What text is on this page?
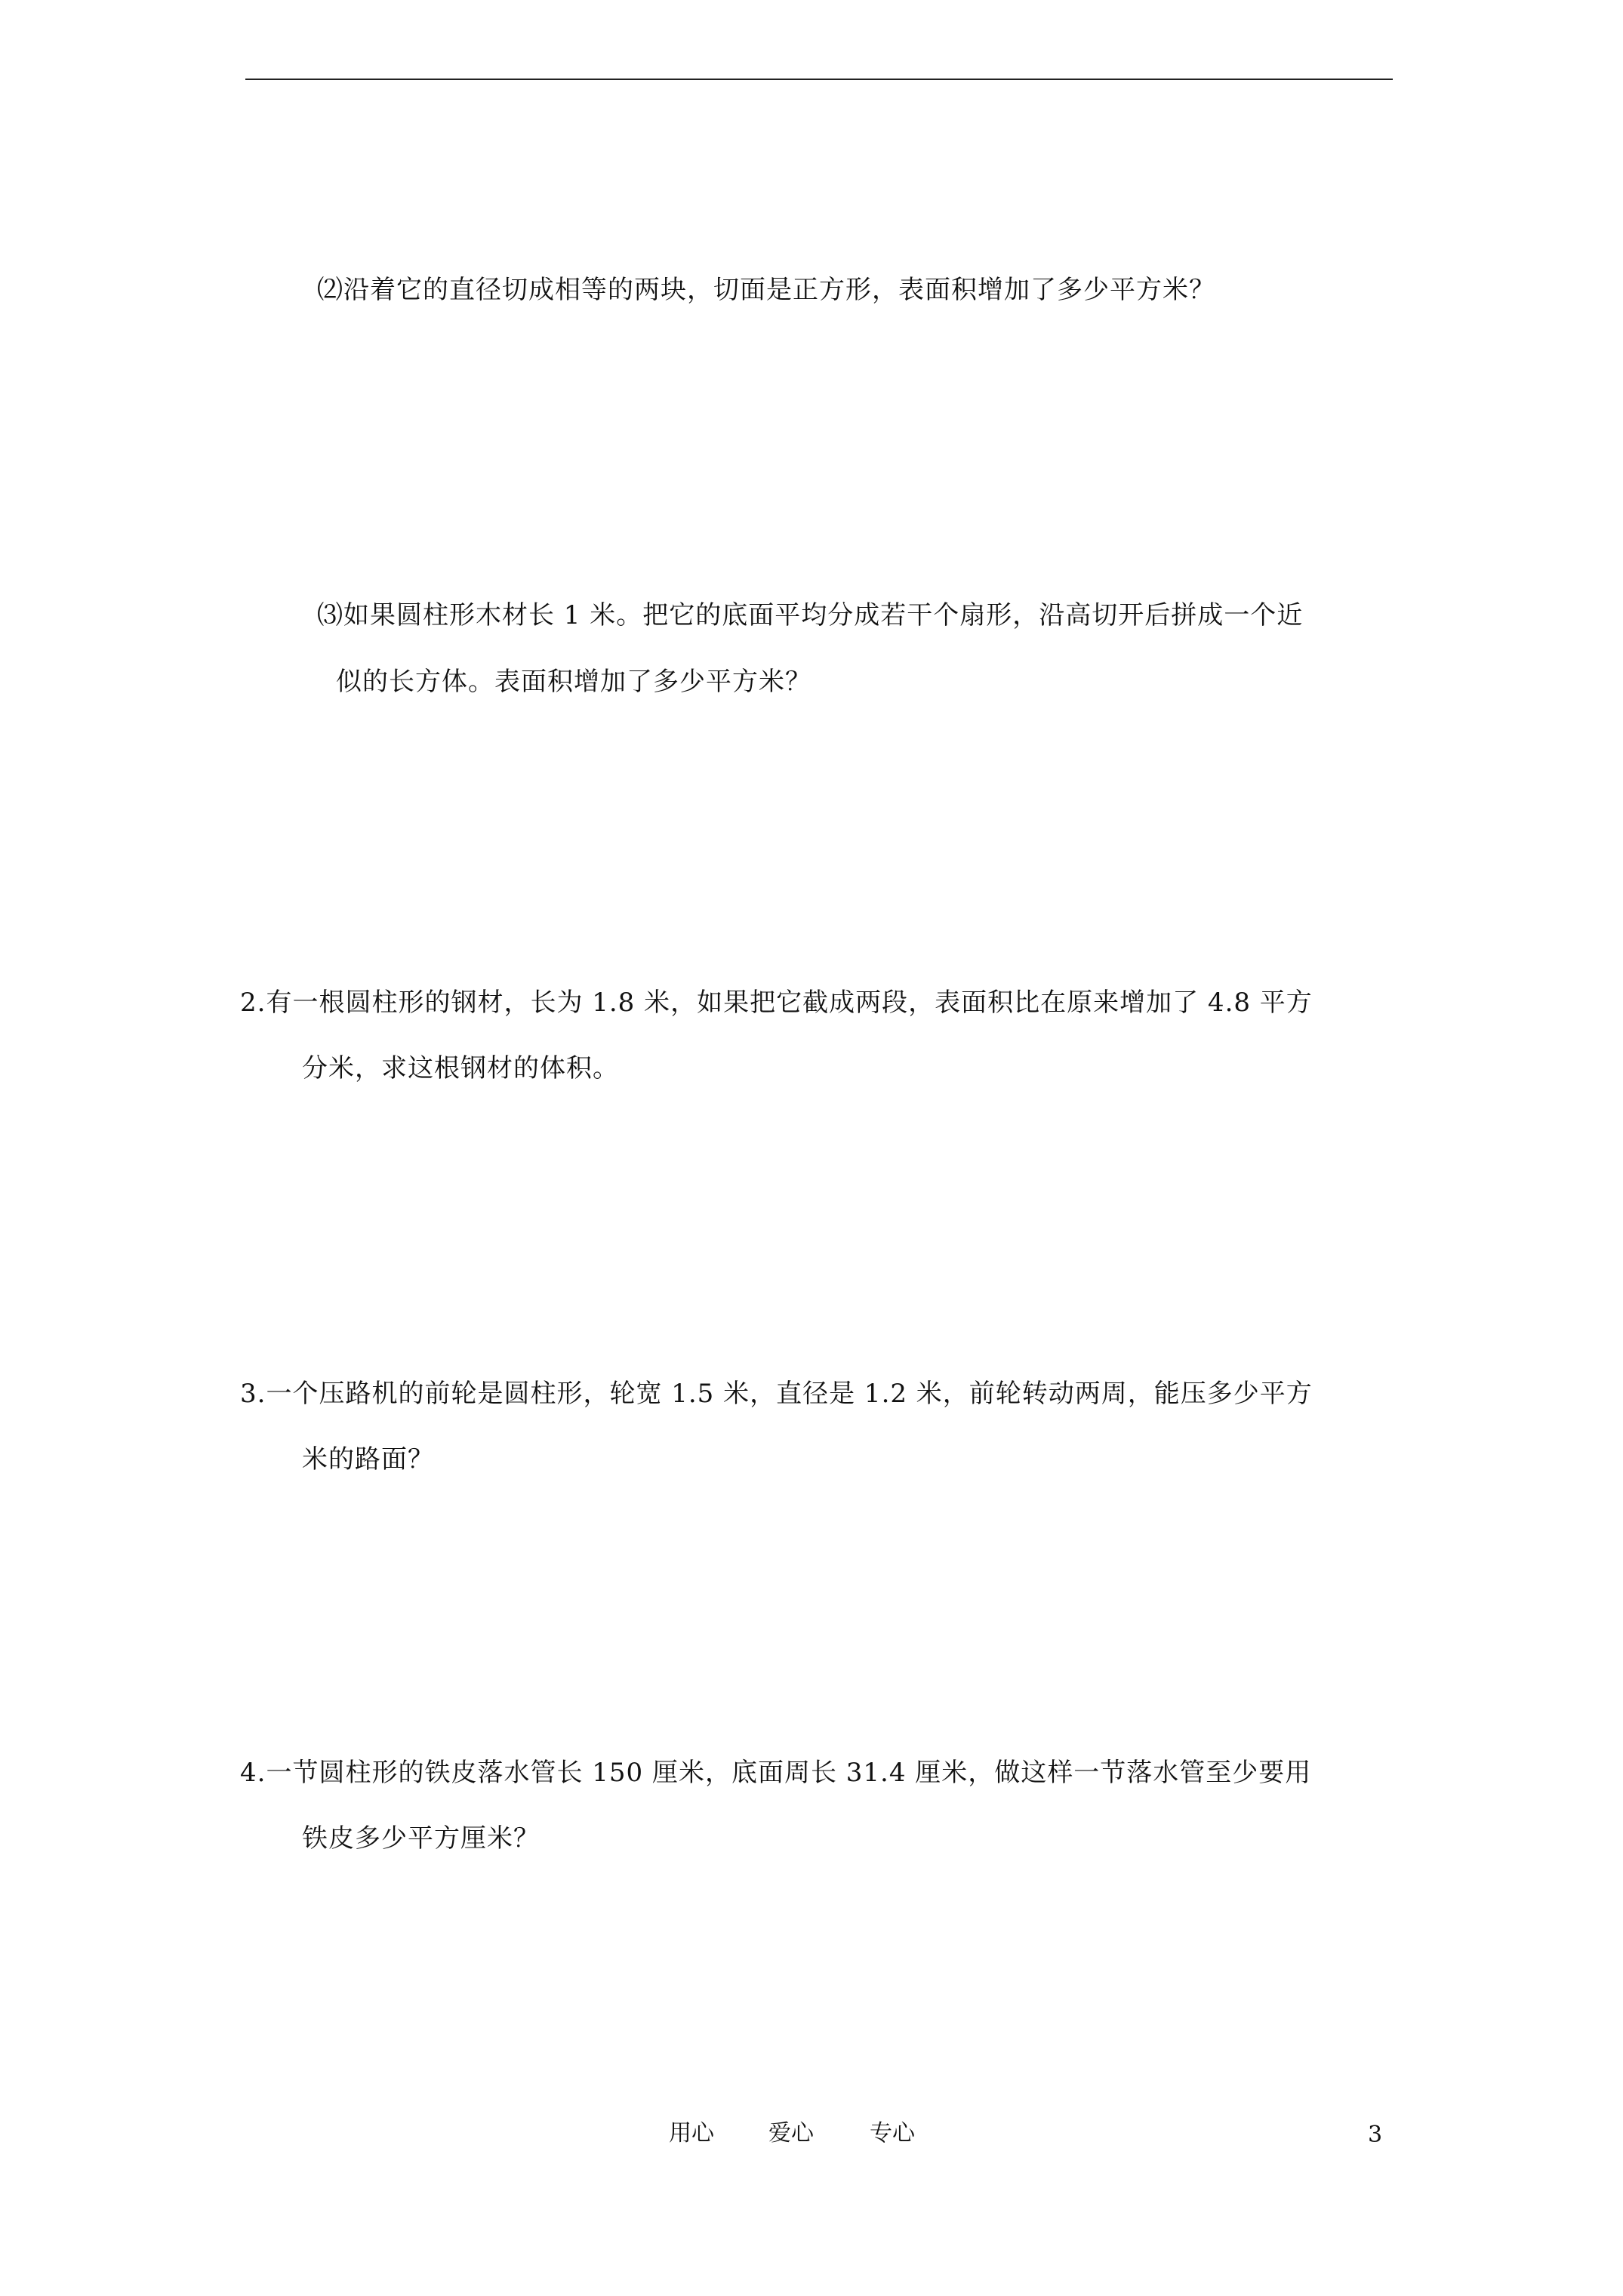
⑵沿着它的直径切成相等的两块，切面是正方形，表面积增加了多少平方米？
⑶如果圆柱形木材长 1 米。把它的底面平均分成若干个扇形，沿高切开后拼成一个近
似的长方体。表面积增加了多少平方米？
2.有一根圆柱形的钢材，长为 1.8 米，如果把它截成两段，表面积比在原来增加了 4.8 平方
分米，求这根钢材的体积。
3.一个压路机的前轮是圆柱形，轮宽 1.5 米，直径是 1.2 米，前轮转动两周，能压多少平方
米的路面？
4.一节圆柱形的铁皮落水管长 150 厘米，底面周长 31.4 厘米，做这样一节落水管至少要用
铁皮多少平方厘米？
用心 爱心 专心	3
